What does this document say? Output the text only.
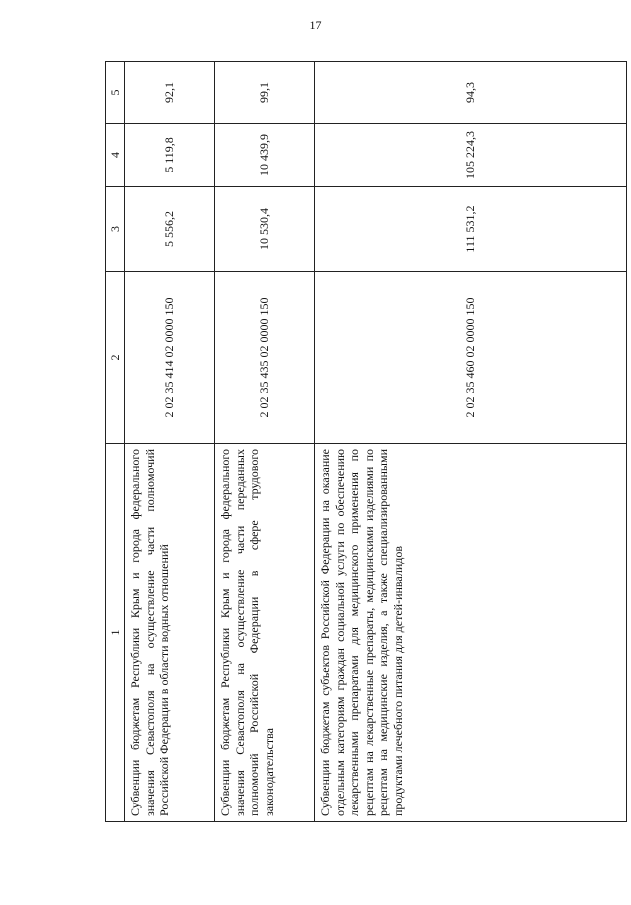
17
1	2	3	4	5
Субвенции бюджетам Республики Крым и города федерального значения Севастополя на осуществление части полномочий Российской Федерации в области водных отношений	2 02 35 414 02 0000 150	5 556,2	5 119,8	92,1
Субвенции бюджетам Республики Крым и города федерального значения Севастополя на осуществление части переданных полномочий Российской Федерации в сфере трудового законодательства	2 02 35 435 02 0000 150	10 530,4	10 439,9	99,1
Субвенции бюджетам субъектов Российской Федерации на оказание отдельным категориям граждан социальной услуги по обеспечению лекарственными препаратами для медицинского применения по рецептам на лекарственные препараты, медицинскими изделиями по рецептам на медицинские изделия, а также специализированными продуктами лечебного питания для детей-инвалидов	2 02 35 460 02 0000 150	111 531,2	105 224,3	94,3
